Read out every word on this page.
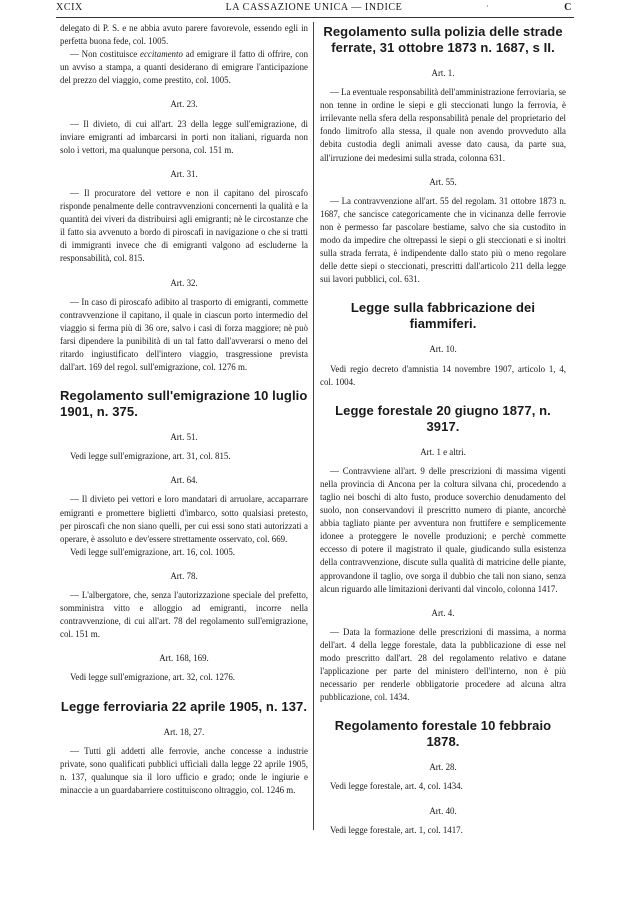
XCIX	LA CASSAZIONE UNICA — INDICE	·	C

delegato di P. S. e ne abbia avuto parere favorevole, essendo egli in perfetta buona fede, col. 1005.

— Non costituisce eccitamento ad emigrare il fatto di offrire, con un avviso a stampa, a quanti desiderano di emigrare l'anticipazione del prezzo del viaggio, come prestito, col. 1005.

Art. 23.

— Il divieto, di cui all'art. 23 della legge sull'emigrazione, di inviare emigranti ad imbarcarsi in porti non italiani, riguarda non solo i vettori, ma qualunque persona, col. 151 m.

Art. 31.

— Il procuratore del vettore e non il capitano del piroscafo risponde penalmente delle contravvenzioni concernenti la qualità e la quantità dei viveri da distribuirsi agli emigranti; nè le circostanze che il fatto sia avvenuto a bordo di piroscafi in navigazione o che si tratti di immigranti invece che di emigranti valgono ad escluderne la responsabilità, col. 815.

Art. 32.

— In caso di piroscafo adibito al trasporto di emigranti, commette contravvenzione il capitano, il quale in ciascun porto intermedio del viaggio si ferma più di 36 ore, salvo i casi di forza maggiore; nè può farsi dipendere la punibilità di un tal fatto dall'avverarsi o meno del ritardo ingiustificato dell'intero viaggio, trasgressione prevista dall'art. 169 del regol. sull'emigrazione, col. 1276 m.

Regolamento sull'emigrazione 10 luglio 1901, n. 375.

Art. 51.

Vedi legge sull'emigrazione, art. 31, col. 815.

Art. 64.

— Il divieto pei vettori e loro mandatari di arruolare, accaparrare emigranti e promettere biglietti d'imbarco, sotto qualsiasi pretesto, per piroscafi che non siano quelli, per cui essi sono stati autorizzati a operare, è assoluto e dev'essere strettamente osservato, col. 669.

Vedi legge sull'emigrazione, art. 16, col. 1005.

Art. 78.

— L'albergatore, che, senza l'autorizzazione speciale del prefetto, somministra vitto e alloggio ad emigranti, incorre nella contravvenzione, di cui all'art. 78 del regolamento sull'emigrazione, col. 151 m.

Art. 168, 169.

Vedi legge sull'emigrazione, art. 32, col. 1276.

Legge ferroviaria 22 aprile 1905, n. 137.

Art. 18, 27.

— Tutti gli addetti alle ferrovie, anche concesse a industrie private, sono qualificati pubblici ufficiali dalla legge 22 aprile 1905, n. 137, qualunque sia il loro ufficio e grado; onde le ingiurie e minaccie a un guardabarriere costituiscono oltraggio, col. 1246 m.

Regolamento sulla polizia delle strade ferrate, 31 ottobre 1873 n. 1687, s II.

Art. 1.

— La eventuale responsabilità dell'amministrazione ferroviaria, se non tenne in ordine le siepi e gli steccionati lungo la ferrovia, è irrilevante nella sfera della responsabilità penale del proprietario del fondo limitrofo alla stessa, il quale non avendo provveduto alla debita custodia degli animali avesse dato causa, da parte sua, all'irruzione dei medesimi sulla strada, colonna 631.

Art. 55.

— La contravvenzione all'art. 55 del regolam. 31 ottobre 1873 n. 1687, che sancisce categoricamente che in vicinanza delle ferrovie non è permesso far pascolare bestiame, salvo che sia custodito in modo da impedire che oltrepassi le siepi o gli steccionati e si inoltri sulla strada ferrata, è indipendente dallo stato più o meno regolare delle dette siepi o steccionati, prescritti dall'articolo 211 della legge sui lavori pubblici, col. 631.

Legge sulla fabbricazione dei fiammiferi.

Art. 10.

Vedi regio decreto d'amnistia 14 novembre 1907, articolo 1, 4, col. 1004.

Legge forestale 20 giugno 1877, n. 3917.

Art. 1 e altri.

— Contravviene all'art. 9 delle prescrizioni di massima vigenti nella provincia di Ancona per la coltura silvana chi, procedendo a taglio nei boschi di alto fusto, produce soverchio denudamento del suolo, non conservandovi il prescritto numero di piante, ancorchè abbia tagliato piante per avventura non fruttifere e semplicemente idonee a proteggere le novelle produzioni; e perchè commette eccesso di potere il magistrato il quale, giudicando sulla esistenza della contravvenzione, discute sulla qualità di matricine delle piante, approvandone il taglio, ove sorga il dubbio che tali non siano, senza alcun riguardo alle limitazioni derivanti dal vincolo, colonna 1417.

Art. 4.

— Data la formazione delle prescrizioni di massima, a norma dell'art. 4 della legge forestale, data la pubblicazione di esse nel modo prescritto dall'art. 28 del regolamento relativo e datane l'applicazione per parte del ministero dell'interno, non è più necessario per renderle obbligatorie procedere ad alcuna altra pubblicazione, col. 1434.

Regolamento forestale 10 febbraio 1878.

Art. 28.

Vedi legge forestale, art. 4, col. 1434.

Art. 40.

Vedi legge forestale, art. 1, col. 1417.
